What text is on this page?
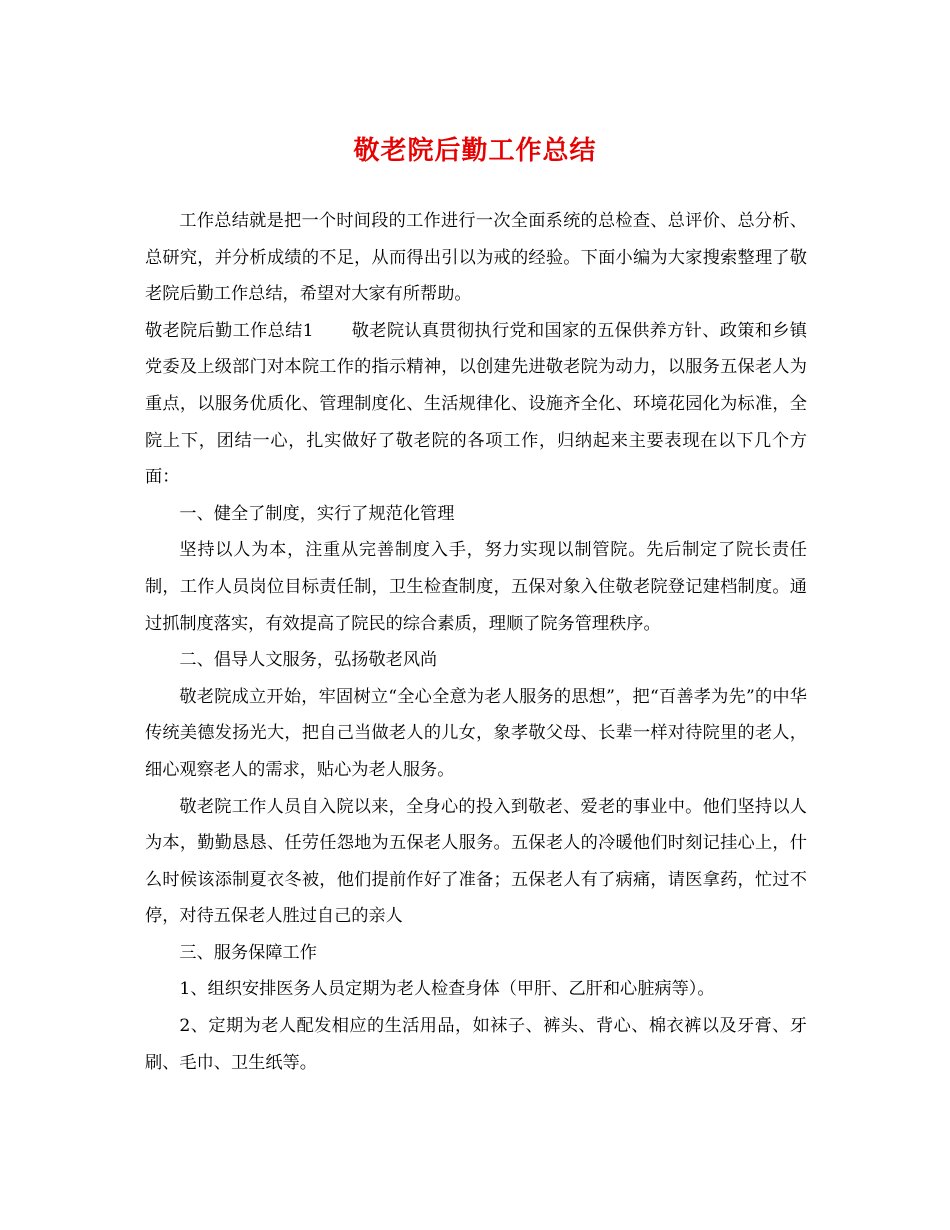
敬老院后勤工作总结

工作总结就是把一个时间段的工作进行一次全面系统的总检查、总评价、总分析、总研究，并分析成绩的不足，从而得出引以为戒的经验。下面小编为大家搜索整理了敬老院后勤工作总结，希望对大家有所帮助。

敬老院后勤工作总结1 敬老院认真贯彻执行党和国家的五保供养方针、政策和乡镇党委及上级部门对本院工作的指示精神，以创建先进敬老院为动力，以服务五保老人为重点，以服务优质化、管理制度化、生活规律化、设施齐全化、环境花园化为标准，全院上下，团结一心，扎实做好了敬老院的各项工作，归纳起来主要表现在以下几个方面：

一、健全了制度，实行了规范化管理

坚持以人为本，注重从完善制度入手，努力实现以制管院。先后制定了院长责任制，工作人员岗位目标责任制，卫生检查制度，五保对象入住敬老院登记建档制度。通过抓制度落实，有效提高了院民的综合素质，理顺了院务管理秩序。

二、倡导人文服务，弘扬敬老风尚

敬老院成立开始，牢固树立“全心全意为老人服务的思想”，把“百善孝为先”的中华传统美德发扬光大，把自己当做老人的儿女，象孝敬父母、长辈一样对待院里的老人，细心观察老人的需求，贴心为老人服务。

敬老院工作人员自入院以来，全身心的投入到敬老、爱老的事业中。他们坚持以人为本，勤勤恳恳、任劳任怨地为五保老人服务。五保老人的冷暖他们时刻记挂心上，什么时候该添制夏衣冬被，他们提前作好了准备；五保老人有了病痛，请医拿药，忙过不停，对待五保老人胜过自己的亲人

三、服务保障工作

1、组织安排医务人员定期为老人检查身体（甲肝、乙肝和心脏病等）。

2、定期为老人配发相应的生活用品，如袜子、裤头、背心、棉衣裤以及牙膏、牙刷、毛巾、卫生纸等。
